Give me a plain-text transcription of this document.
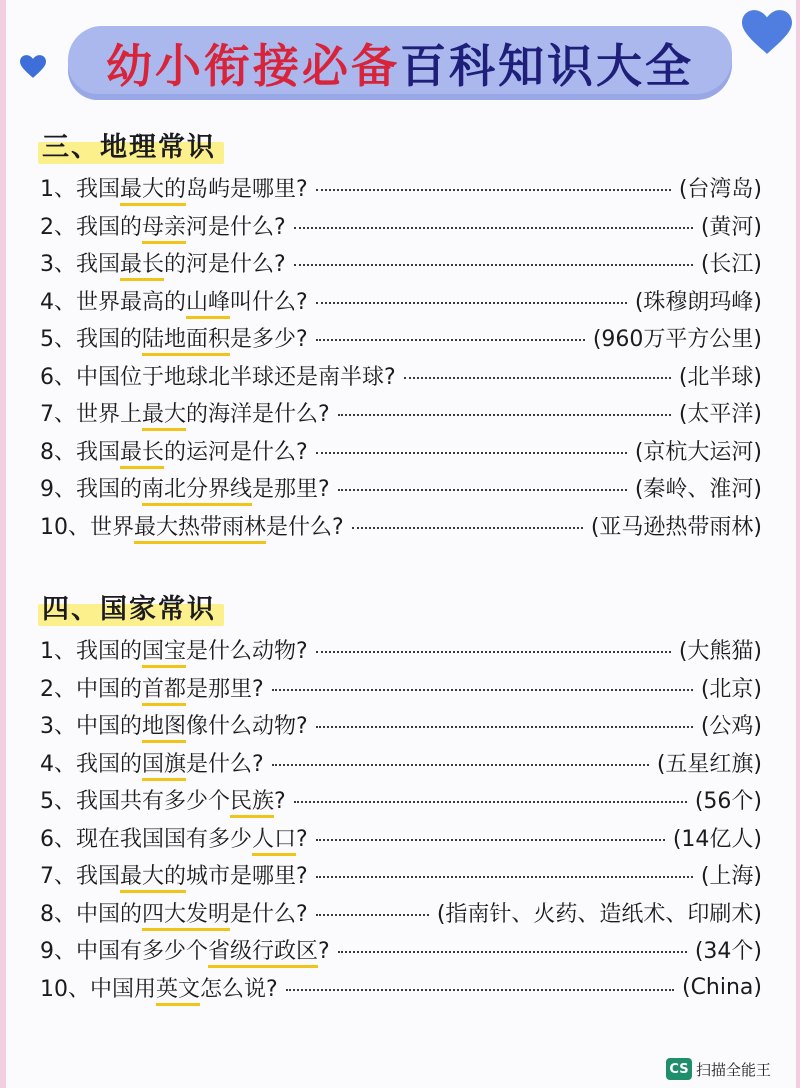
幼小衔接必备 百科知识大全
三、地理常识
1、 我国最大的岛屿是哪里?	(台湾岛)
2、 我国的母亲河是什么?	(黄河)
3、 我国最长的河是什么?	(长江)
4、 世界最高的山峰叫什么?	(珠穆朗玛峰)
5、 我国的陆地面积是多少?	(960万平方公里)
6、 中国位于地球北半球还是南半球?	(北半球)
7、 世界上最大的海洋是什么?	(太平洋)
8、 我国最长的运河是什么?	(京杭大运河)
9、 我国的南北分界线是那里?	(秦岭、淮河)
10、 世界最大热带雨林是什么?	(亚马逊热带雨林)
四、国家常识
1、 我国的国宝是什么动物?	(大熊猫)
2、 中国的首都是那里?	(北京)
3、 中国的地图像什么动物?	(公鸡)
4、 我国的国旗是什么?	(五星红旗)
5、 我国共有多少个民族?	(56个)
6、 现在我国国有多少人口?	(14亿人)
7、 我国最大的城市是哪里?	(上海)
8、 中国的四大发明是什么?	(指南针、火药、造纸术、印刷术)
9、 中国有多少个省级行政区?	(34个)
10、 中国用英文怎么说?	(China)
CS 扫描全能王
